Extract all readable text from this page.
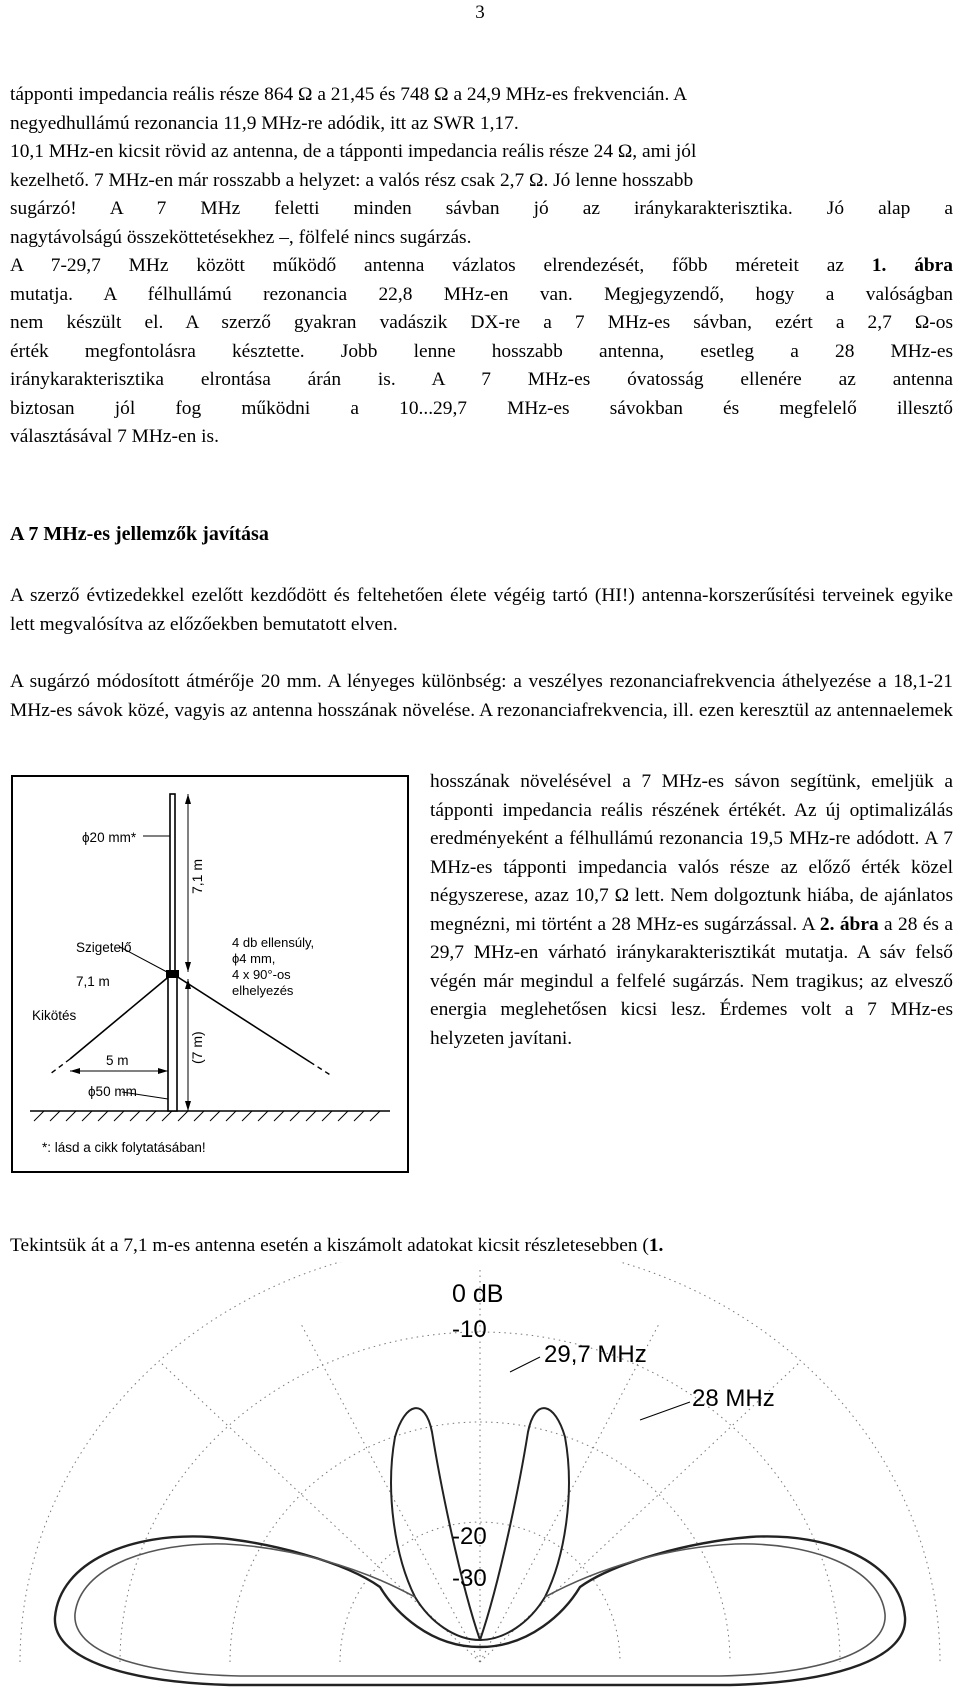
3
tápponti impedancia reális része 864 Ω a 21,45 és 748 Ω a 24,9 MHz-es frekvencián. A
negyedhullámú rezonancia 11,9 MHz-re adódik, itt az SWR 1,17.
10,1 MHz-en kicsit rövid az antenna, de a tápponti impedancia reális része 24 Ω, ami jól
kezelhető. 7 MHz-en már rosszabb a helyzet: a valós rész csak 2,7 Ω. Jó lenne hosszabb
sugárzó! A 7 MHz feletti minden sávban jó az iránykarakterisztika. Jó alap a
nagytávolságú összeköttetésekhez –, fölfelé nincs sugárzás.
A 7-29,7 MHz között működő antenna vázlatos elrendezését, főbb méreteit az 1. ábra
mutatja. A félhullámú rezonancia 22,8 MHz-en van. Megjegyzendő, hogy a valóságban
nem készült el. A szerző gyakran vadászik DX-re a 7 MHz-es sávban, ezért a 2,7 Ω-os
érték megfontolásra késztette. Jobb lenne hosszabb antenna, esetleg a 28 MHz-es
iránykarakterisztika elrontása árán is. A 7 MHz-es óvatosság ellenére az antenna
biztosan jól fog működni a 10...29,7 MHz-es sávokban és megfelelő illesztő
választásával 7 MHz-en is.
A 7 MHz-es jellemzők javítása
A szerző évtizedekkel ezelőtt kezdődött és feltehetően élete végéig tartó (HI!) antenna-korszerűsítési terveinek egyike lett megvalósítva az előzőekben bemutatott elven.
A sugárzó módosított átmérője 20 mm. A lényeges különbség: a veszélyes rezonanciafrekvencia áthelyezése a 18,1-21 MHz-es sávok közé, vagyis az antenna hosszának növelése. A rezonanciafrekvencia, ill. ezen keresztül az antennaelemek
7,1 m
(7 m)
ϕ20 mm*
Szigetelő
7,1 m
4 db ellensúly,
ϕ4 mm,
4 x 90°-os
elhelyezés
Kikötés
5 m
ϕ50 mm
*: lásd a cikk folytatásában!
hosszának növelésével a 7 MHz-es sávon segítünk, emeljük a tápponti impedancia reális részének értékét. Az új optimalizálás eredményeként a félhullámú rezonancia 19,5 MHz-re adódott. A 7 MHz-es tápponti impedancia valós része az előző érték közel négyszerese, azaz 10,7 Ω lett. Nem dolgoztunk hiába, de ajánlatos megnézni, mi történt a 28 MHz-es sugárzással. A 2. ábra a 28 és a 29,7 MHz-en várható iránykarakterisztikát mutatja. A sáv felső végén már megindul a felfelé sugárzás. Nem tragikus; az elvesző energia meglehetősen kicsi lesz. Érdemes volt a 7 MHz-es helyzeten javítani.
Tekintsük át a 7,1 m-es antenna esetén a kiszámolt adatokat kicsit részletesebben (1.
0 dB
-10
-20
-30
29,7 MHz
28 MHz
